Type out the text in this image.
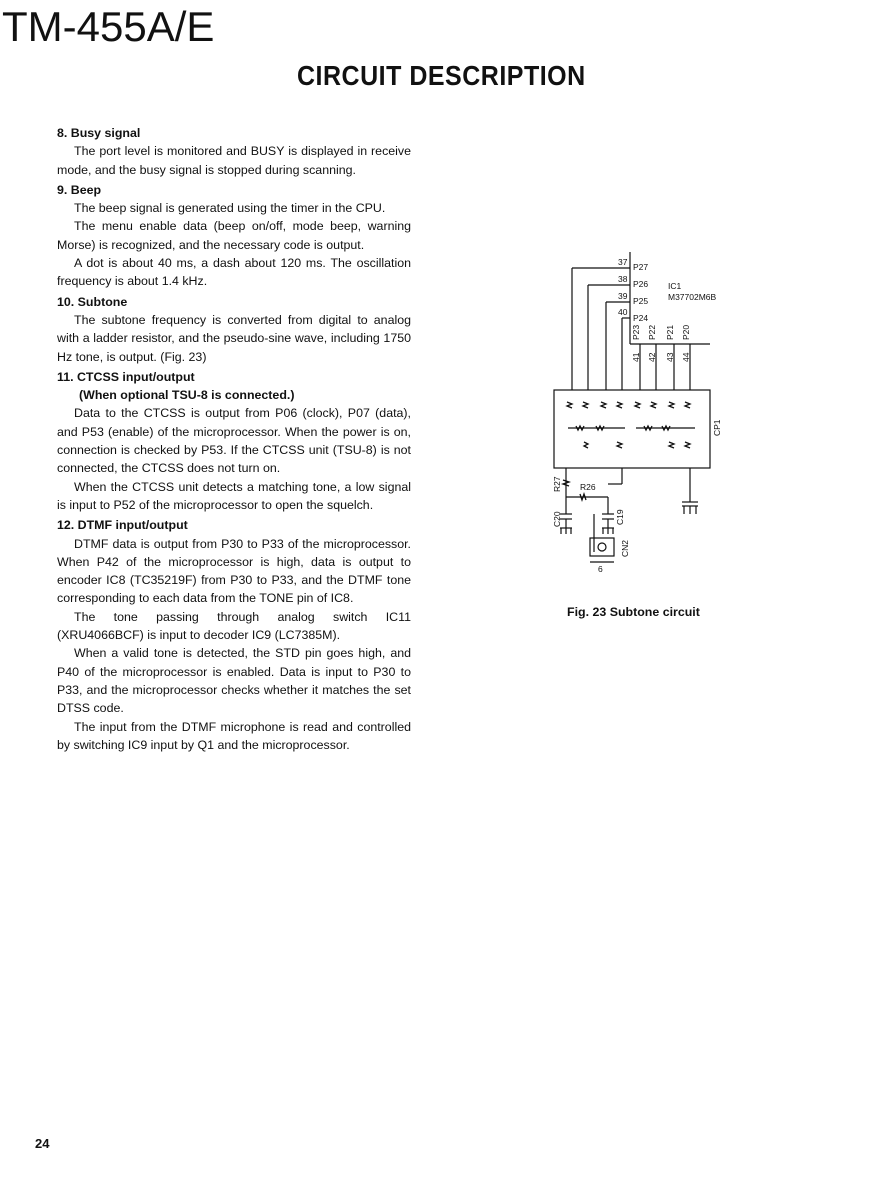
TM-455A/E
CIRCUIT DESCRIPTION
8. Busy signal

The port level is monitored and BUSY is displayed in receive mode, and the busy signal is stopped during scanning.

9. Beep

The beep signal is generated using the timer in the CPU.

The menu enable data (beep on/off, mode beep, warning Morse) is recognized, and the necessary code is output.

A dot is about 40 ms, a dash about 120 ms. The oscillation frequency is about 1.4 kHz.

10. Subtone

The subtone frequency is converted from digital to analog with a ladder resistor, and the pseudo-sine wave, including 1750 Hz tone, is output. (Fig. 23)

11. CTCSS input/output
(When optional TSU-8 is connected.)

Data to the CTCSS is output from P06 (clock), P07 (data), and P53 (enable) of the microprocessor. When the power is on, connection is checked by P53. If the CTCSS unit (TSU-8) is not connected, the CTCSS does not turn on.

When the CTCSS unit detects a matching tone, a low signal is input to P52 of the microprocessor to open the squelch.

12. DTMF input/output

DTMF data is output from P30 to P33 of the microprocessor. When P42 of the microprocessor is high, data is output to encoder IC8 (TC35219F) from P30 to P33, and the DTMF tone corresponding to each data from the TONE pin of IC8.

The tone passing through analog switch IC11 (XRU4066BCF) is input to decoder IC9 (LC7385M).

When a valid tone is detected, the STD pin goes high, and P40 of the microprocessor is enabled. Data is input to P30 to P33, and the microprocessor checks whether it matches the set DTSS code.

The input from the DTMF microphone is read and controlled by switching IC9 input by Q1 and the microprocessor.

37 P27
38 P26
39 P25
40
P24
IC1
M37702M6B
41
P23
42
P22
43
P21
44
P20
CP1
R27 R26
C20	C19
CN2
6
Fig. 23 Subtone circuit
24
